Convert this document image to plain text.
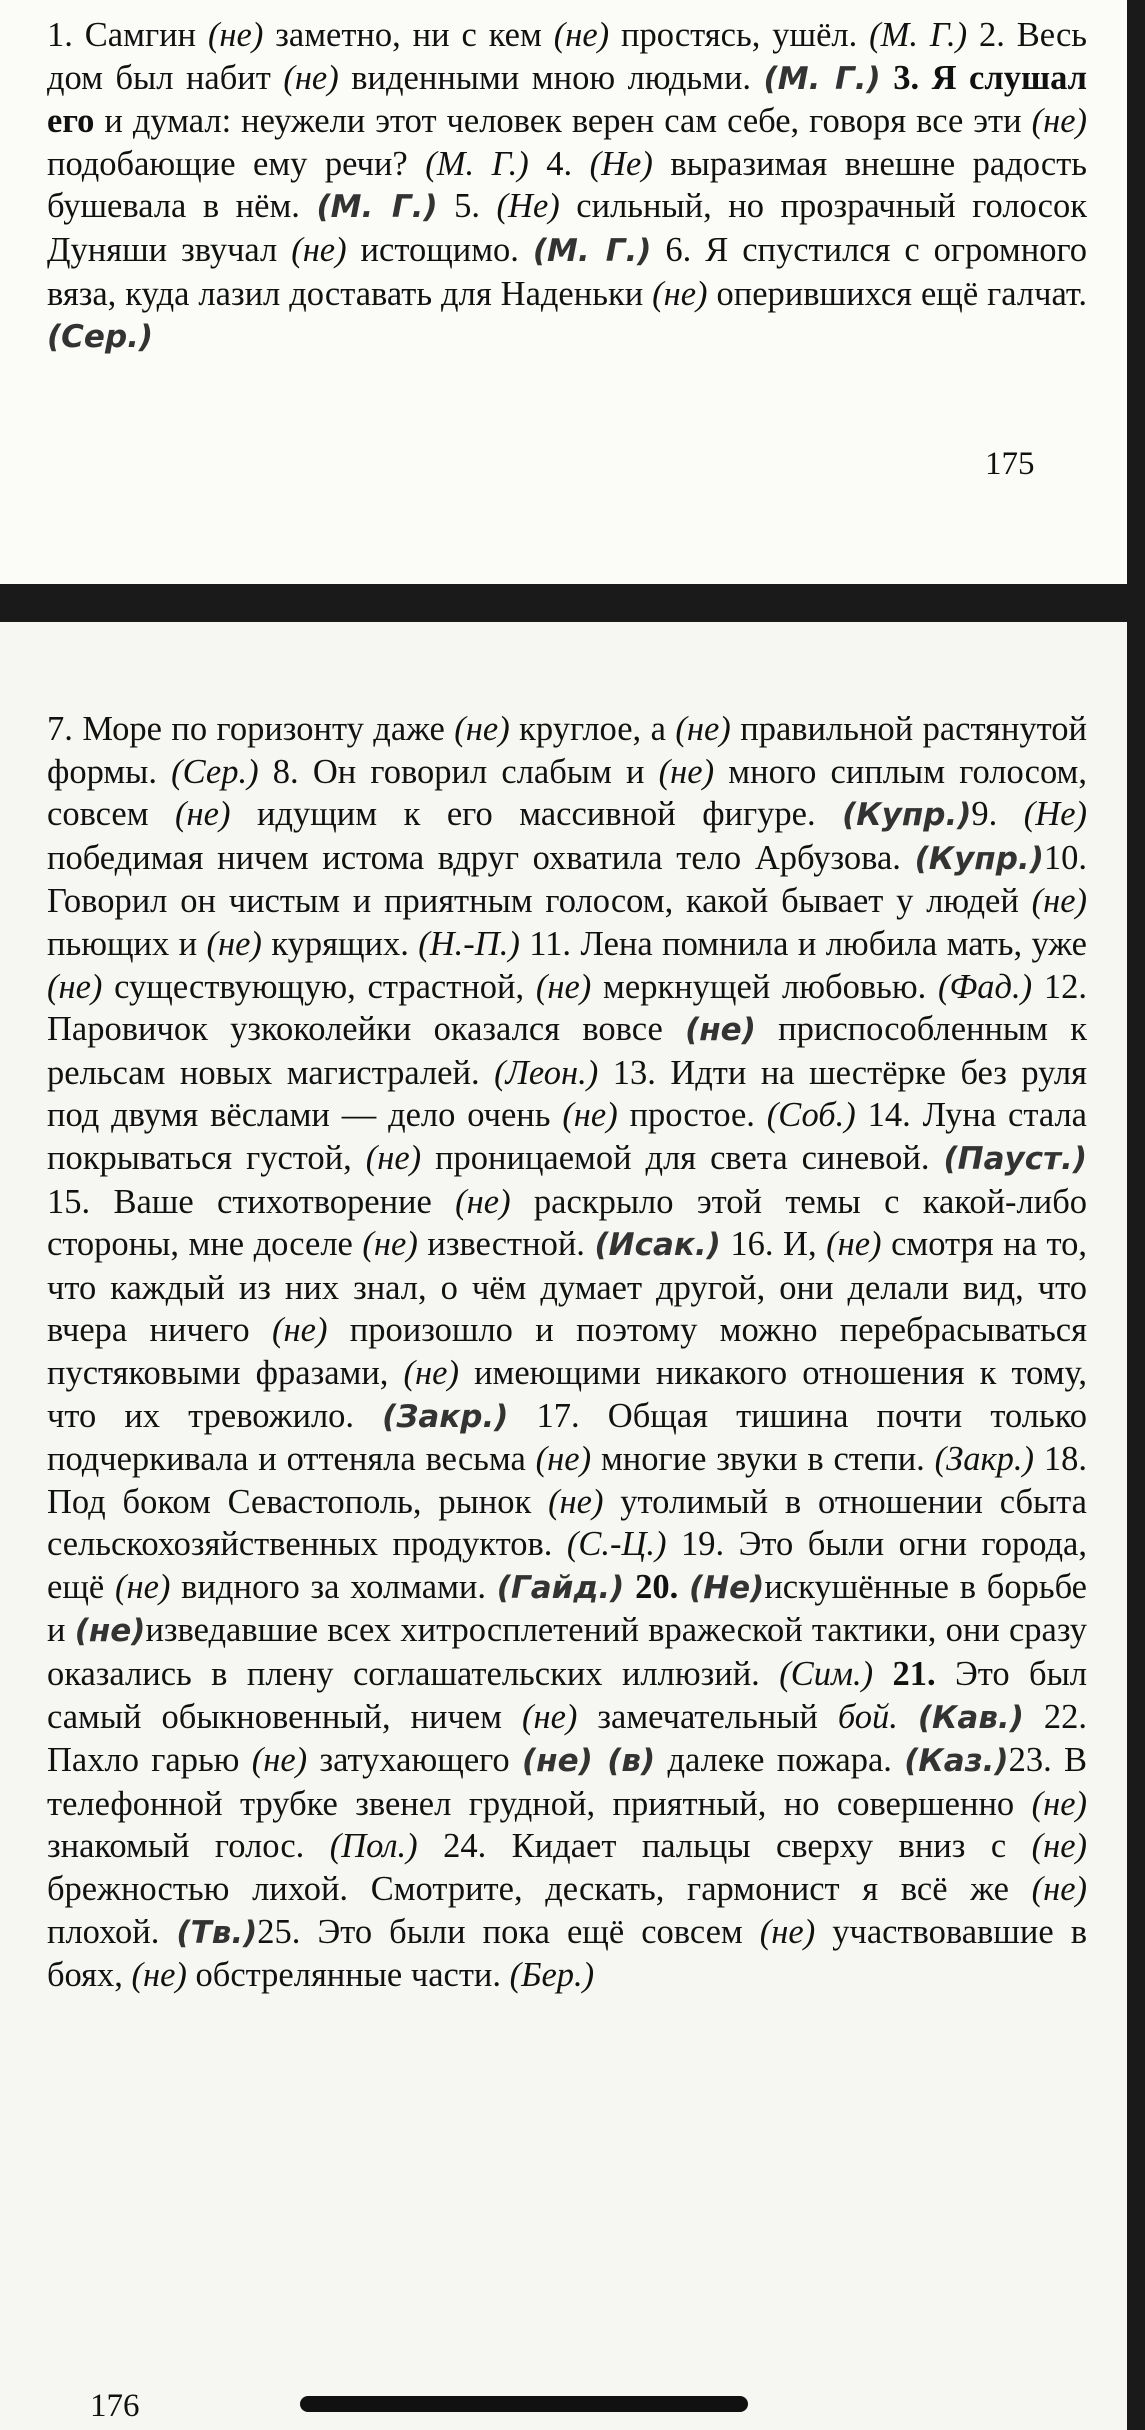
1. Самгин (не) заметно, ни с кем (не) простясь, ушёл. (М. Г.) 2. Весь дом был набит (не) виденными мною людьми. (М. Г.) 3. Я слушал его и думал: неужели этот человек верен сам себе, говоря все эти (не) подобающие ему речи? (М. Г.) 4. (Не) выразимая внешне радость бушевала в нём. (М. Г.) 5. (Не) сильный, но прозрачный голосок Дуняши звучал (не) истощимо. (М. Г.) 6. Я спустился с огромного вяза, куда лазил доставать для Наденьки (не) оперившихся ещё галчат. (Сер.)
175
7. Море по горизонту даже (не) круглое, а (не) правильной растянутой формы. (Сер.) 8. Он говорил слабым и (не) много сиплым голосом, совсем (не) идущим к его массивной фигуре. (Купр.)9. (Не) победимая ничем истома вдруг охватила тело Арбузова. (Купр.)10. Говорил он чистым и приятным голосом, какой бывает у людей (не) пьющих и (не) курящих. (Н.-П.) 11. Лена помнила и любила мать, уже (не) существующую, страстной, (не) меркнущей любовью. (Фад.) 12. Паровичок узкоколейки оказался вовсе (не) приспособленным к рельсам новых магистралей. (Леон.) 13. Идти на шестёрке без руля под двумя вёслами — дело очень (не) простое. (Соб.) 14. Луна стала покрываться густой, (не) проницаемой для света синевой. (Пауст.) 15. Ваше стихотворение (не) раскрыло этой темы с какой-либо стороны, мне доселе (не) известной. (Исак.) 16. И, (не) смотря на то, что каждый из них знал, о чём думает другой, они делали вид, что вчера ничего (не) произошло и поэтому можно перебрасываться пустяковыми фразами, (не) имеющими никакого отношения к тому, что их тревожило. (Закр.) 17. Общая тишина почти только подчеркивала и оттеняла весьма (не) многие звуки в степи. (Закр.) 18. Под боком Севастополь, рынок (не) утолимый в отношении сбыта сельскохозяйственных продуктов. (С.-Ц.) 19. Это были огни города, ещё (не) видного за холмами. (Гайд.) 20. (Не)искушённые в борьбе и (не)изведавшие всех хитросплетений вражеской тактики, они сразу оказались в плену соглашательских иллюзий. (Сим.) 21. Это был самый обыкновенный, ничем (не) замечательный бой. (Кав.) 22. Пахло гарью (не) затухающего (не) (в) далеке пожара. (Каз.)23. В телефонной трубке звенел грудной, приятный, но совершенно (не) знакомый голос. (Пол.) 24. Кидает пальцы сверху вниз с (не) брежностью лихой. Смотрите, дескать, гармонист я всё же (не) плохой. (Тв.)25. Это были пока ещё совсем (не) участвовавшие в боях, (не) обстрелянные части. (Бер.)
176
